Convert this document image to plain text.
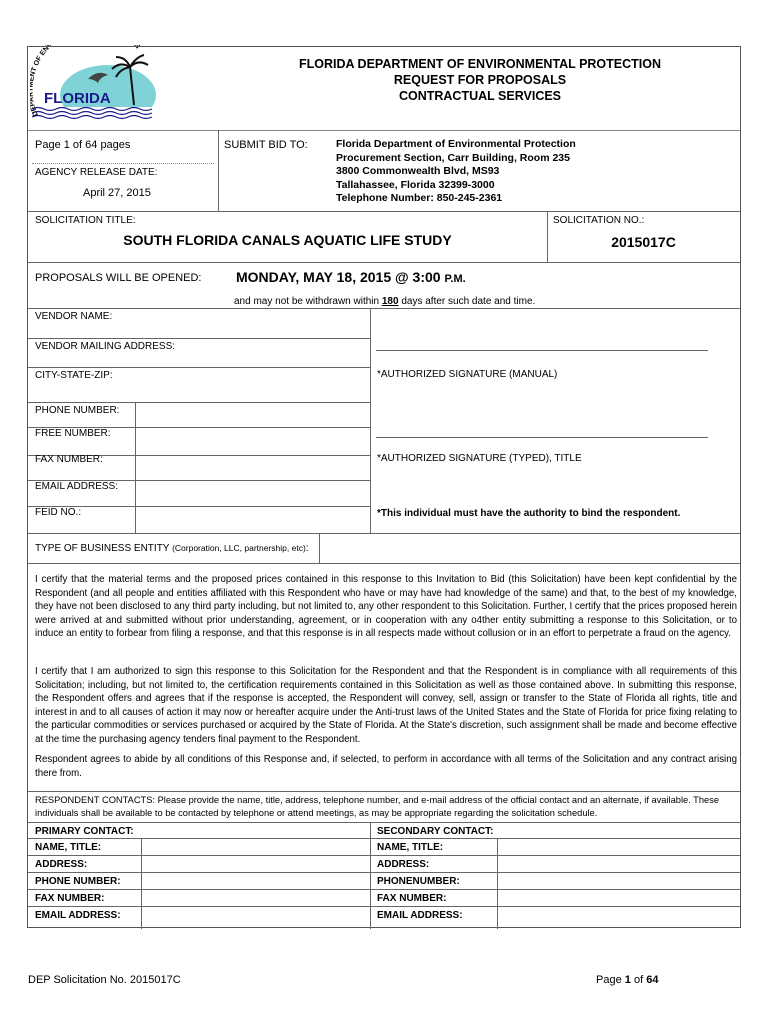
FLORIDA
DE T OF ENV N
FLORIDA DEPARTMENT OF ENVIRONMENTAL PROTECTION
REQUEST FOR PROPOSALS
CONTRACTUAL SERVICES
Page 1 of 64 pages
AGENCY RELEASE DATE:
April 27, 2015
SUBMIT BID TO:	Florida Department of Environmental Protection
Procurement Section, Carr Building, Room 235
3800 Commonwealth Blvd, MS93
Tallahassee, Florida 32399-3000
Telephone Number: 850-245-2361
SOLICITATION TITLE:
SOUTH FLORIDA CANALS AQUATIC LIFE STUDY
SOLICITATION NO.:
2015017C
PROPOSALS WILL BE OPENED: MONDAY, MAY 18, 2015 @ 3:00 P.M.
and may not be withdrawn within 180 days after such date and time.
VENDOR NAME:
VENDOR MAILING ADDRESS:
CITY-STATE-ZIP:
PHONE NUMBER:
FREE NUMBER:
FAX NUMBER:
EMAIL ADDRESS:
FEID NO.:
*AUTHORIZED SIGNATURE (MANUAL)
*AUTHORIZED SIGNATURE (TYPED), TITLE
*This individual must have the authority to bind the respondent.
TYPE OF BUSINESS ENTITY (Corporation, LLC, partnership, etc):
I certify that the material terms and the proposed prices contained in this response to this Invitation to Bid (this Solicitation) have been kept confidential by the Respondent (and all people and entities affiliated with this Respondent who have or may have had knowledge of the same) and that, to the best of my knowledge, they have not been disclosed to any third party including, but not limited to, any other respondent to this Solicitation. Further, I certify that the prices proposed herein were arrived at and submitted without prior understanding, agreement, or in cooperation with any o4ther entity submitting a response to this Solicitation, or to induce an entity to forbear from filing a response, and that this response is in all respects made without collusion or in an effort to perpetrate a fraud on the agency.
I certify that I am authorized to sign this response to this Solicitation for the Respondent and that the Respondent is in compliance with all requirements of this Solicitation; including, but not limited to, the certification requirements contained in this Solicitation as well as those contained above. In submitting this response, the Respondent offers and agrees that if the response is accepted, the Respondent will convey, sell, assign or transfer to the State of Florida all rights, title and interest in and to all causes of action it may now or hereafter acquire under the Anti-trust laws of the United States and the State of Florida for price fixing relating to the particular commodities or services purchased or acquired by the State of Florida. At the State's discretion, such assignment shall be made and become effective at the time the purchasing agency tenders final payment to the Respondent.
Respondent agrees to abide by all conditions of this Response and, if selected, to perform in accordance with all terms of the Solicitation and any contract arising there from.
RESPONDENT CONTACTS: Please provide the name, title, address, telephone number, and e-mail address of the official contact and an alternate, if available. These individuals shall be available to be contacted by telephone or attend meetings, as may be appropriate regarding the solicitation schedule.
PRIMARY CONTACT:
NAME, TITLE:
ADDRESS:
PHONE NUMBER:
FAX NUMBER:
EMAIL ADDRESS:
SECONDARY CONTACT:
NAME, TITLE:
ADDRESS:
PHONENUMBER:
FAX NUMBER:
EMAIL ADDRESS:
DEP Solicitation No. 2015017C	Page 1 of 64
